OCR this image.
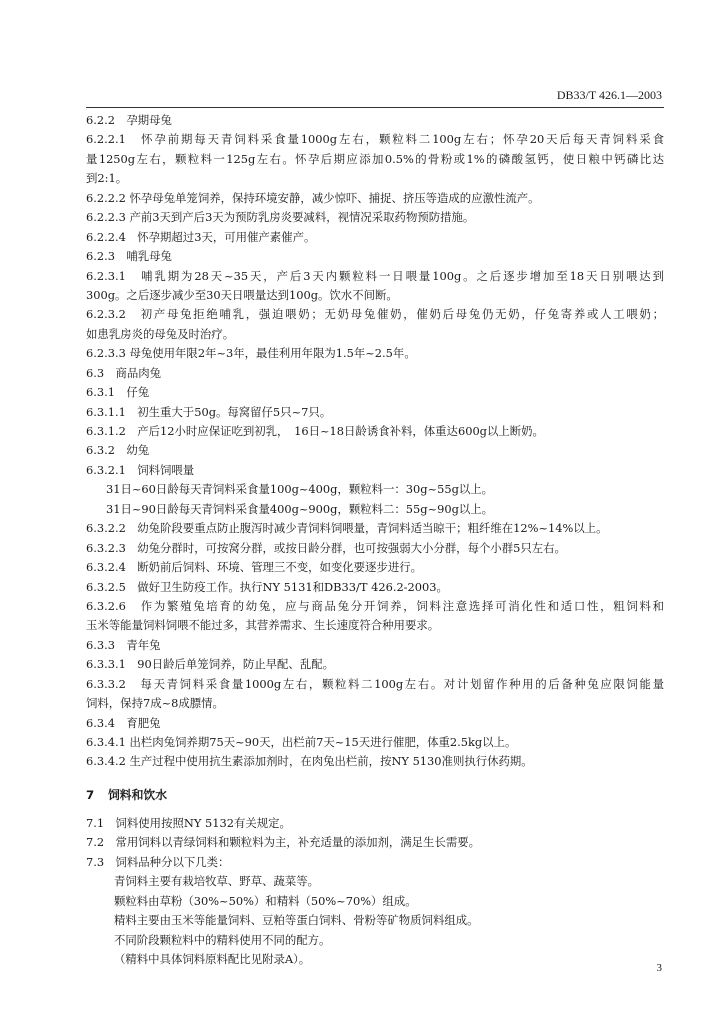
DB33/T 426.1—2003
6.2.2　孕期母兔
6.2.2.1　怀孕前期每天青饲料采食量1000g左右，颗粒料二100g左右；怀孕20天后每天青饲料采食
量1250g左右，颗粒料一125g左右。怀孕后期应添加0.5%的骨粉或1%的磷酸氢钙，使日粮中钙磷比达
到2:1。
6.2.2.2 怀孕母兔单笼饲养，保持环境安静，减少惊吓、捕捉、挤压等造成的应激性流产。
6.2.2.3 产前3天到产后3天为预防乳房炎要减料，视情况采取药物预防措施。
6.2.2.4　怀孕期超过3天，可用催产素催产。
6.2.3　哺乳母兔
6.2.3.1　哺乳期为28天~35天，产后3天内颗粒料一日喂量100g。之后逐步增加至18天日别喂达到
300g。之后逐步减少至30天日喂量达到100g。饮水不间断。
6.2.3.2　初产母兔拒绝哺乳，强迫喂奶；无奶母兔催奶，催奶后母兔仍无奶，仔兔寄养或人工喂奶；
如患乳房炎的母兔及时治疗。
6.2.3.3 母兔使用年限2年~3年，最佳利用年限为1.5年~2.5年。
6.3　商品肉兔
6.3.1　仔兔
6.3.1.1　初生重大于50g。每窝留仔5只~7只。
6.3.1.2　产后12小时应保证吃到初乳，　16日~18日龄诱食补料，体重达600g以上断奶。
6.3.2　幼兔
6.3.2.1　饲料饲喂量
31日~60日龄每天青饲料采食量100g~400g，颗粒料一：30g~55g以上。
31日~90日龄每天青饲料采食量400g~900g，颗粒料二：55g~90g以上。
6.3.2.2　幼兔阶段要重点防止腹泻时减少青饲料饲喂量，青饲料适当晾干；粗纤维在12%~14%以上。
6.3.2.3　幼兔分群时，可按窝分群，或按日龄分群，也可按强弱大小分群，每个小群5只左右。
6.3.2.4　断奶前后饲料、环境、管理三不变，如变化要逐步进行。
6.3.2.5　做好卫生防疫工作。执行NY 5131和DB33/T 426.2-2003。
6.3.2.6　作为繁殖兔培育的幼兔，应与商品兔分开饲养，饲料注意选择可消化性和适口性，粗饲料和
玉米等能量饲料饲喂不能过多，其营养需求、生长速度符合种用要求。
6.3.3　青年兔
6.3.3.1　90日龄后单笼饲养，防止早配、乱配。
6.3.3.2　每天青饲料采食量1000g左右，颗粒料二100g左右。对计划留作种用的后备种兔应限饲能量
饲料，保持7成~8成膘情。
6.3.4　育肥兔
6.3.4.1 出栏肉兔饲养期75天~90天，出栏前7天~15天进行催肥，体重2.5kg以上。
6.3.4.2 生产过程中使用抗生素添加剂时，在肉兔出栏前，按NY 5130准则执行休药期。
7 饲料和饮水
7.1　饲料使用按照NY 5132有关规定。
7.2　常用饲料以青绿饲料和颗粒料为主，补充适量的添加剂，满足生长需要。
7.3　饲料品种分以下几类：
青饲料主要有栽培牧草、野草、蔬菜等。
颗粒料由草粉（30%~50%）和精料（50%~70%）组成。
精料主要由玉米等能量饲料、豆粕等蛋白饲料、骨粉等矿物质饲料组成。
不同阶段颗粒料中的精料使用不同的配方。
（精料中具体饲料原料配比见附录A）。
3
